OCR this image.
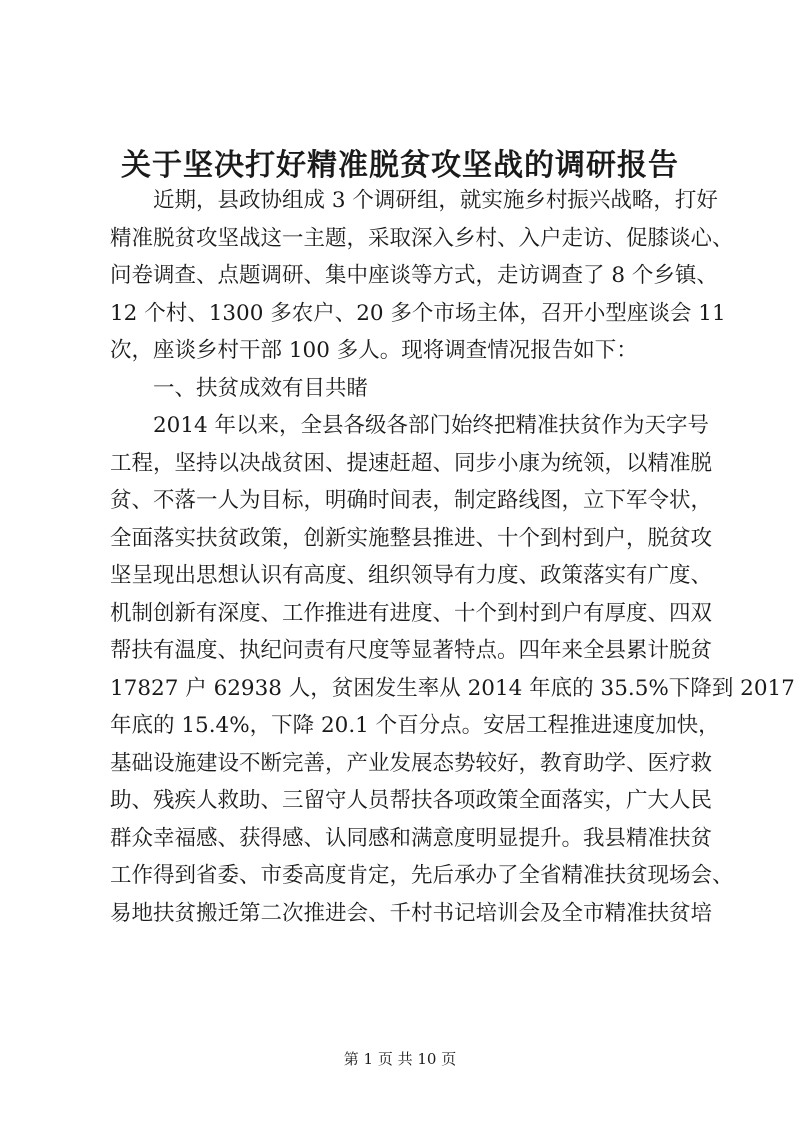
关于坚决打好精准脱贫攻坚战的调研报告
近期，县政协组成 3 个调研组，就实施乡村振兴战略，打好
精准脱贫攻坚战这一主题，采取深入乡村、入户走访、促膝谈心、
问卷调查、点题调研、集中座谈等方式，走访调查了 8 个乡镇、
12 个村、1300 多农户、20 多个市场主体，召开小型座谈会 11
次，座谈乡村干部 100 多人。现将调查情况报告如下：
一、扶贫成效有目共睹
2014 年以来，全县各级各部门始终把精准扶贫作为天字号
工程，坚持以决战贫困、提速赶超、同步小康为统领，以精准脱
贫、不落一人为目标，明确时间表，制定路线图，立下军令状，
全面落实扶贫政策，创新实施整县推进、十个到村到户，脱贫攻
坚呈现出思想认识有高度、组织领导有力度、政策落实有广度、
机制创新有深度、工作推进有进度、十个到村到户有厚度、四双
帮扶有温度、执纪问责有尺度等显著特点。四年来全县累计脱贫
17827 户 62938 人，贫困发生率从 2014 年底的 35.5%下降到 2017
年底的 15.4%，下降 20.1 个百分点。安居工程推进速度加快，
基础设施建设不断完善，产业发展态势较好，教育助学、医疗救
助、残疾人救助、三留守人员帮扶各项政策全面落实，广大人民
群众幸福感、获得感、认同感和满意度明显提升。我县精准扶贫
工作得到省委、市委高度肯定，先后承办了全省精准扶贫现场会、
易地扶贫搬迁第二次推进会、千村书记培训会及全市精准扶贫培
第 1 页 共 10 页
